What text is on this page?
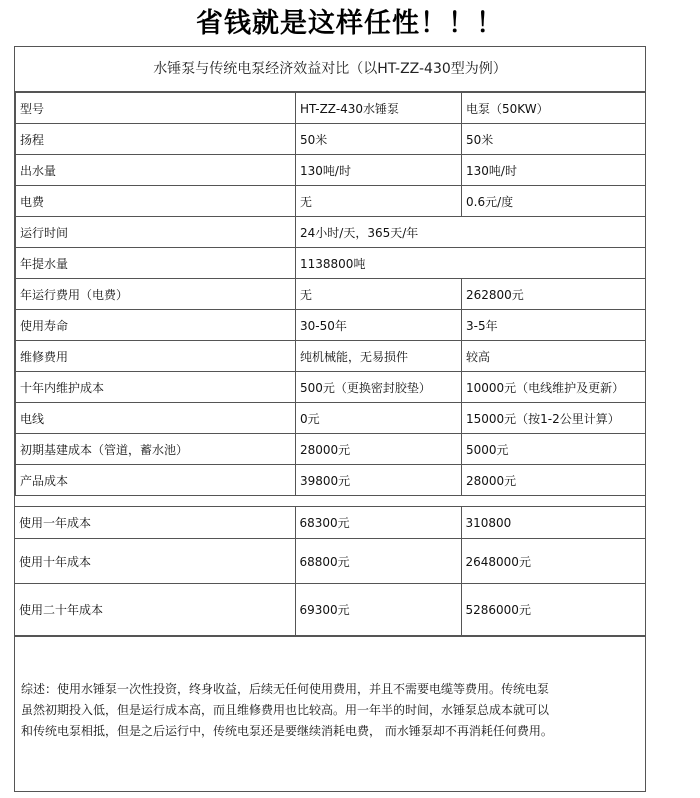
省钱就是这样任性！！！
水锤泵与传统电泵经济效益对比（以HT-ZZ-430型为例）
型号	HT-ZZ-430水锤泵	电泵（50KW）
扬程	50米	50米
出水量	130吨/时	130吨/时
电费	无	0.6元/度
运行时间	24小时/天，365天/年	
年提水量	1138800吨	
年运行费用（电费）	无	262800元
使用寿命	30-50年	3-5年
维修费用	纯机械能，无易损件	较高
十年内维护成本	500元（更换密封胶垫）	10000元（电线维护及更新）
电线	0元	15000元（按1-2公里计算）
初期基建成本（管道，蓄水池）	28000元	5000元
产品成本	39800元	28000元
使用一年成本	68300元	310800
使用十年成本	68800元	2648000元
使用二十年成本	69300元	5286000元
综述：使用水锤泵一次性投资，终身收益，后续无任何使用费用，并且不需要电缆等费用。传统电泵
虽然初期投入低，但是运行成本高，而且维修费用也比较高。用一年半的时间，水锤泵总成本就可以
和传统电泵相抵，但是之后运行中，传统电泵还是要继续消耗电费， 而水锤泵却不再消耗任何费用。
